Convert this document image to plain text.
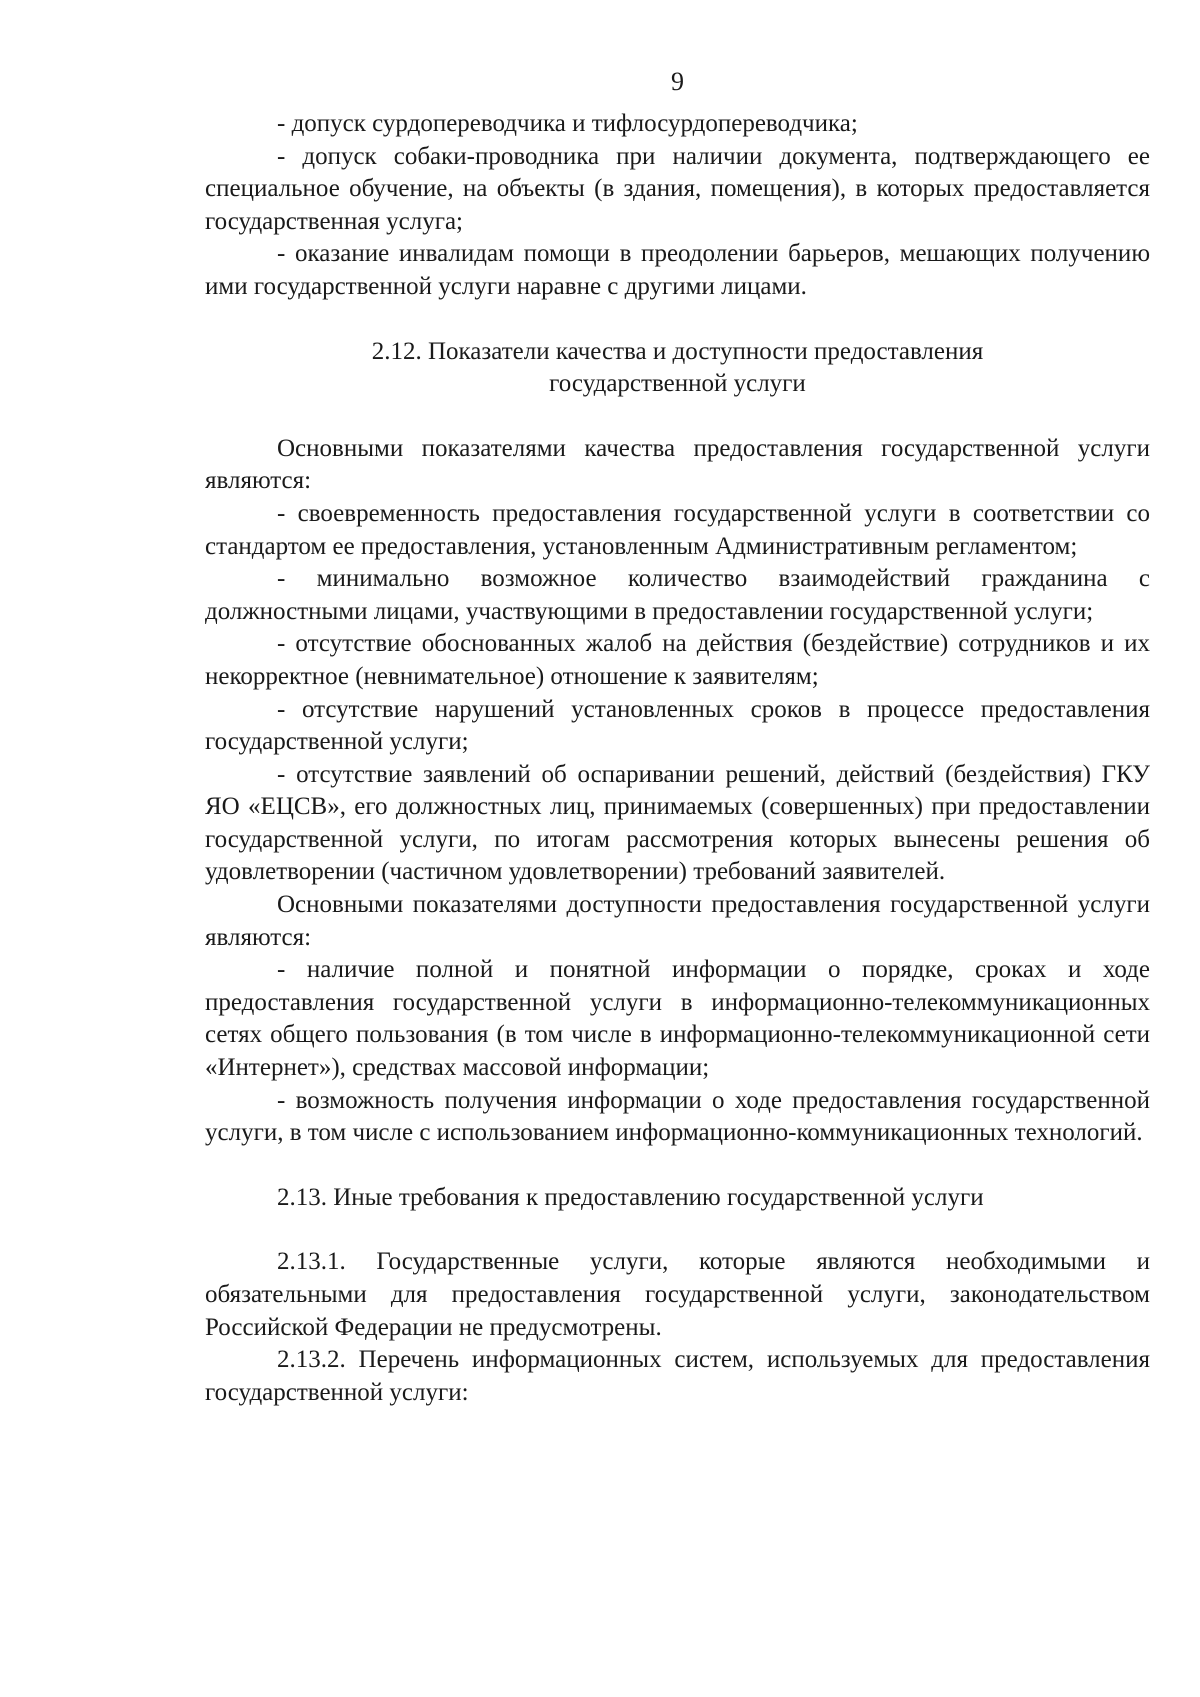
9

- допуск сурдопереводчика и тифлосурдопереводчика;

- допуск собаки-проводника при наличии документа, подтверждающего ее специальное обучение, на объекты (в здания, помещения), в которых предоставляется государственная услуга;

- оказание инвалидам помощи в преодолении барьеров, мешающих получению ими государственной услуги наравне с другими лицами.

2.12. Показатели качества и доступности предоставления
государственной услуги

Основными показателями качества предоставления государственной услуги являются:

- своевременность предоставления государственной услуги в соответствии со стандартом ее предоставления, установленным Административным регламентом;

- минимально возможное количество взаимодействий гражданина с должностными лицами, участвующими в предоставлении государственной услуги;

- отсутствие обоснованных жалоб на действия (бездействие) сотрудников и их некорректное (невнимательное) отношение к заявителям;

- отсутствие нарушений установленных сроков в процессе предоставления государственной услуги;

- отсутствие заявлений об оспаривании решений, действий (бездействия) ГКУ ЯО «ЕЦСВ», его должностных лиц, принимаемых (совершенных) при предоставлении государственной услуги, по итогам рассмотрения которых вынесены решения об удовлетворении (частичном удовлетворении) требований заявителей.

Основными показателями доступности предоставления государственной услуги являются:

- наличие полной и понятной информации о порядке, сроках и ходе предоставления государственной услуги в информационно-телекоммуникационных сетях общего пользования (в том числе в информационно-телекоммуникационной сети «Интернет»), средствах массовой информации;

- возможность получения информации о ходе предоставления государственной услуги, в том числе с использованием информационно-коммуникационных технологий.

2.13. Иные требования к предоставлению государственной услуги

2.13.1. Государственные услуги, которые являются необходимыми и обязательными для предоставления государственной услуги, законодательством Российской Федерации не предусмотрены.

2.13.2. Перечень информационных систем, используемых для предоставления государственной услуги:
